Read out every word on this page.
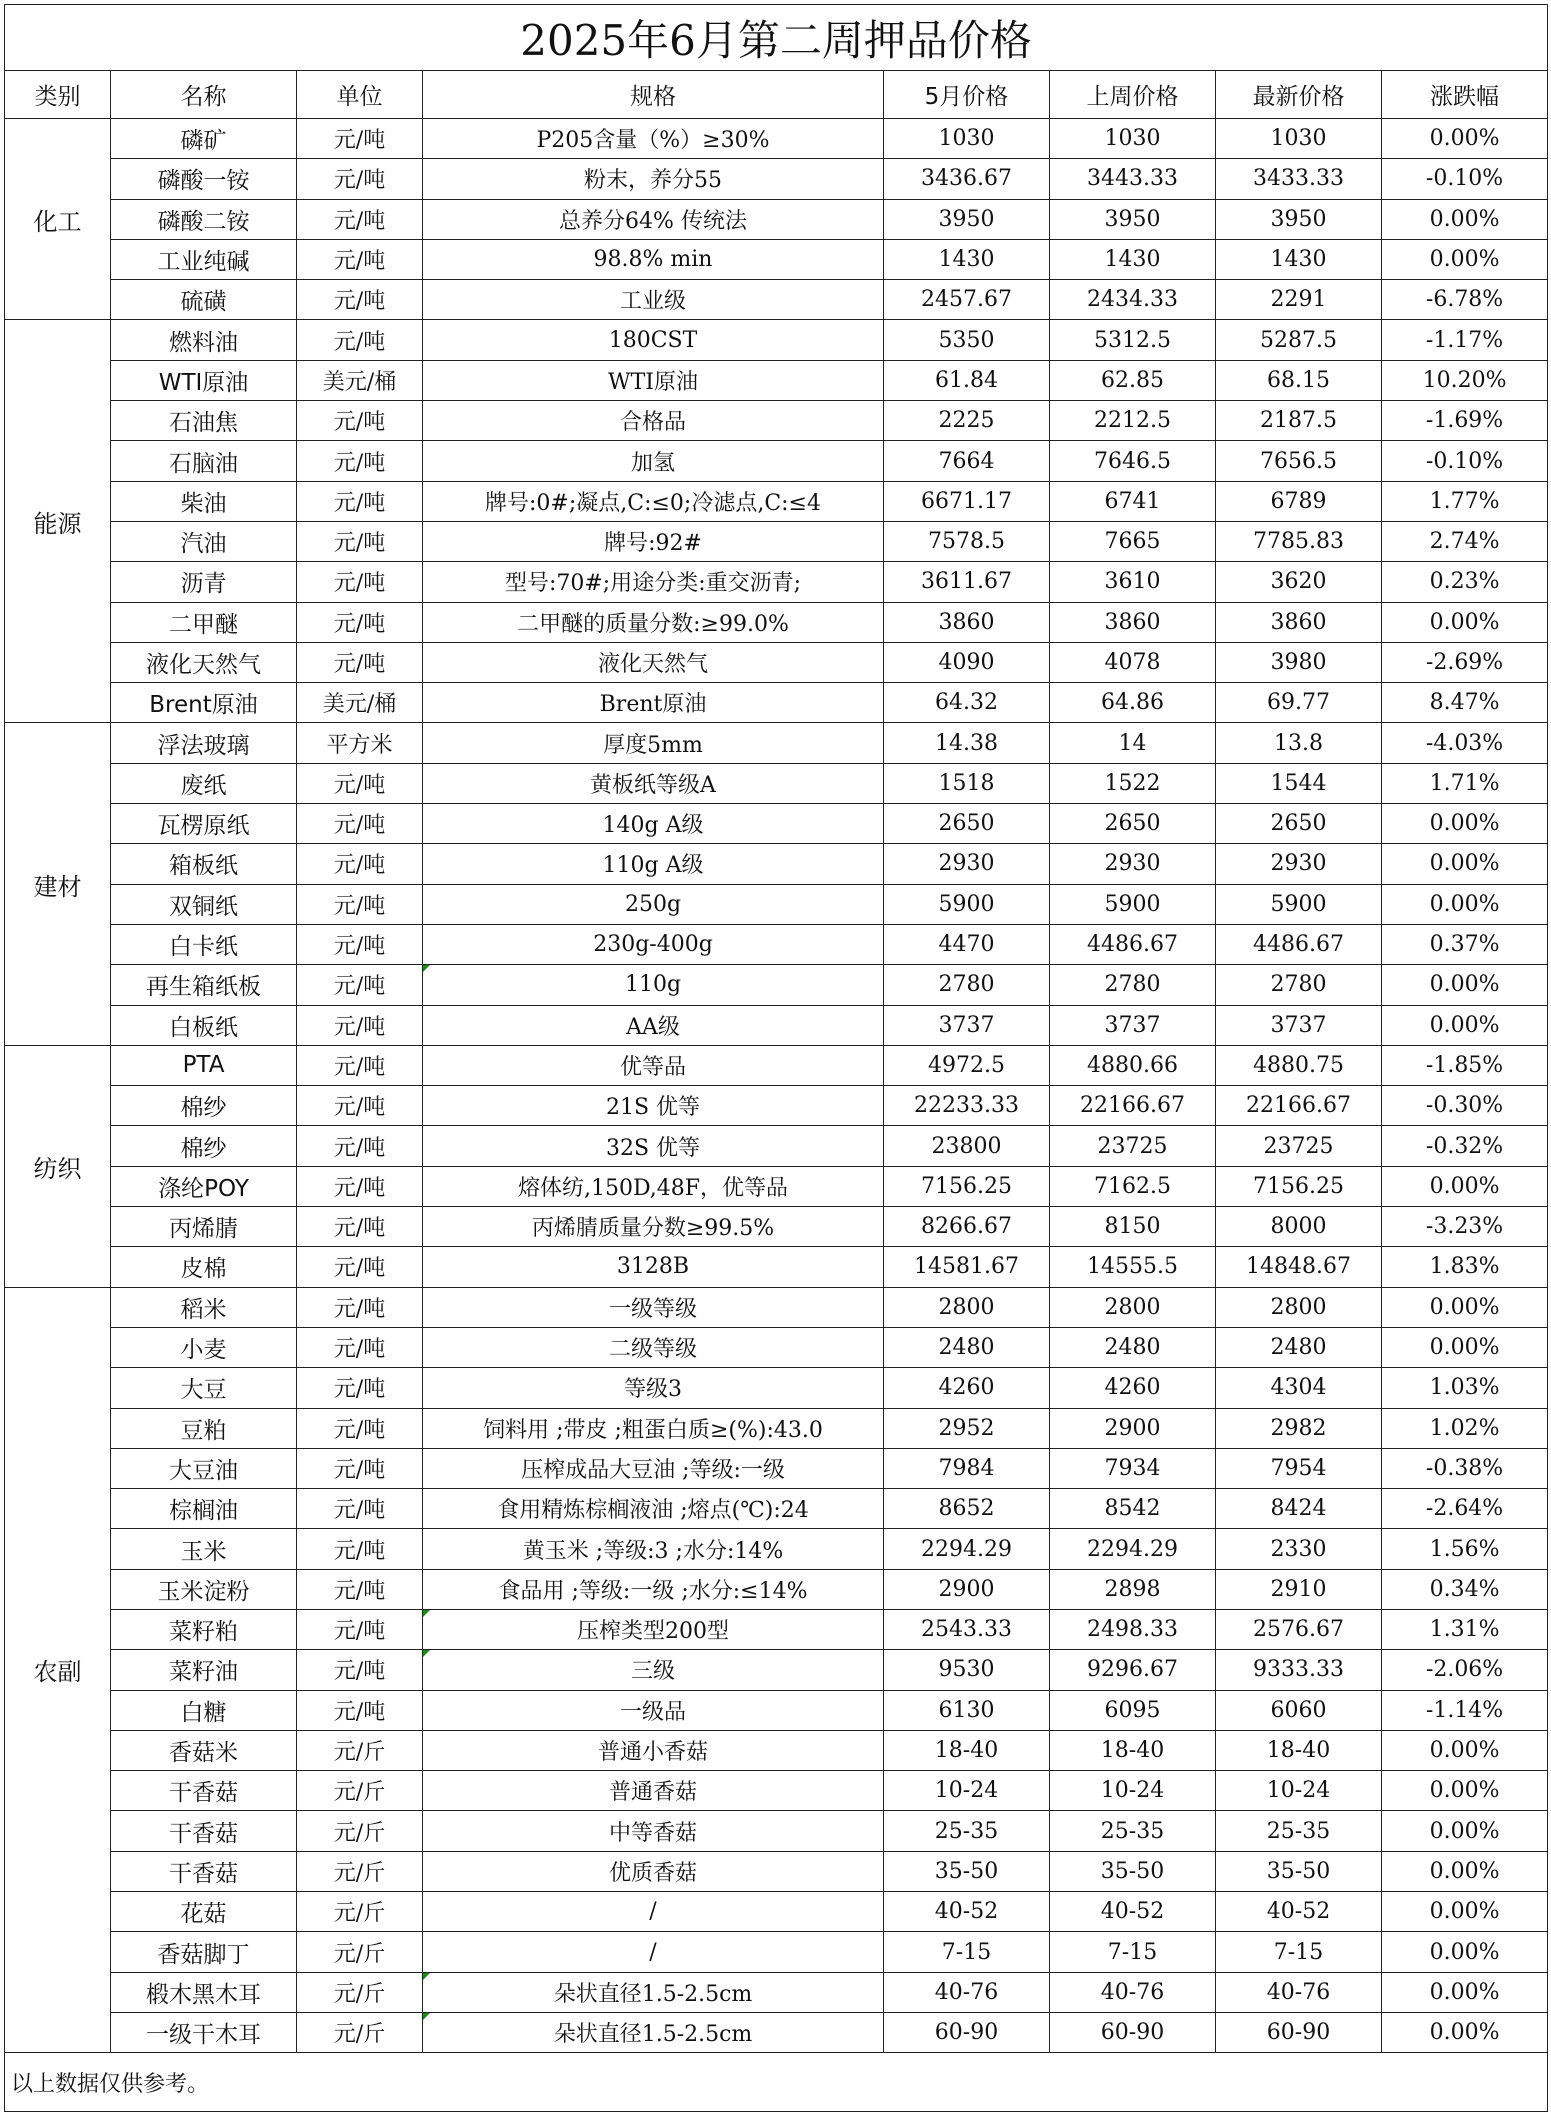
2025年6月第二周押品价格							
类别	名称	单位	规格	5月价格	上周价格	最新价格	涨跌幅
化工	磷矿	元/吨	P205含量（%）≥30%	1030	1030	1030	0.00%
	磷酸一铵	元/吨	粉末，养分55	3436.67	3443.33	3433.33	-0.10%
	磷酸二铵	元/吨	总养分64% 传统法	3950	3950	3950	0.00%
	工业纯碱	元/吨	98.8% min	1430	1430	1430	0.00%
	硫磺	元/吨	工业级	2457.67	2434.33	2291	-6.78%
能源	燃料油	元/吨	180CST	5350	5312.5	5287.5	-1.17%
	WTI原油	美元/桶	WTI原油	61.84	62.85	68.15	10.20%
	石油焦	元/吨	合格品	2225	2212.5	2187.5	-1.69%
	石脑油	元/吨	加氢	7664	7646.5	7656.5	-0.10%
	柴油	元/吨	牌号:0#;凝点,C:≤0;冷滤点,C:≤4	6671.17	6741	6789	1.77%
	汽油	元/吨	牌号:92#	7578.5	7665	7785.83	2.74%
	沥青	元/吨	型号:70#;用途分类:重交沥青;	3611.67	3610	3620	0.23%
	二甲醚	元/吨	二甲醚的质量分数:≥99.0%	3860	3860	3860	0.00%
	液化天然气	元/吨	液化天然气	4090	4078	3980	-2.69%
	Brent原油	美元/桶	Brent原油	64.32	64.86	69.77	8.47%
建材	浮法玻璃	平方米	厚度5mm	14.38	14	13.8	-4.03%
	废纸	元/吨	黄板纸等级A	1518	1522	1544	1.71%
	瓦楞原纸	元/吨	140g A级	2650	2650	2650	0.00%
	箱板纸	元/吨	110g A级	2930	2930	2930	0.00%
	双铜纸	元/吨	250g	5900	5900	5900	0.00%
	白卡纸	元/吨	230g-400g	4470	4486.67	4486.67	0.37%
	再生箱纸板	元/吨	110g	2780	2780	2780	0.00%
	白板纸	元/吨	AA级	3737	3737	3737	0.00%
纺织	PTA	元/吨	优等品	4972.5	4880.66	4880.75	-1.85%
	棉纱	元/吨	21S 优等	22233.33	22166.67	22166.67	-0.30%
	棉纱	元/吨	32S 优等	23800	23725	23725	-0.32%
	涤纶POY	元/吨	熔体纺,150D,48F，优等品	7156.25	7162.5	7156.25	0.00%
	丙烯腈	元/吨	丙烯腈质量分数≥99.5%	8266.67	8150	8000	-3.23%
	皮棉	元/吨	3128B	14581.67	14555.5	14848.67	1.83%
农副	稻米	元/吨	一级等级	2800	2800	2800	0.00%
	小麦	元/吨	二级等级	2480	2480	2480	0.00%
	大豆	元/吨	等级3	4260	4260	4304	1.03%
	豆粕	元/吨	饲料用 ;带皮 ;粗蛋白质≥(%):43.0	2952	2900	2982	1.02%
	大豆油	元/吨	压榨成品大豆油 ;等级:一级	7984	7934	7954	-0.38%
	棕榈油	元/吨	食用精炼棕榈液油 ;熔点(℃):24	8652	8542	8424	-2.64%
	玉米	元/吨	黄玉米 ;等级:3 ;水分:14%	2294.29	2294.29	2330	1.56%
	玉米淀粉	元/吨	食品用 ;等级:一级 ;水分:≤14%	2900	2898	2910	0.34%
	菜籽粕	元/吨	压榨类型200型	2543.33	2498.33	2576.67	1.31%
	菜籽油	元/吨	三级	9530	9296.67	9333.33	-2.06%
	白糖	元/吨	一级品	6130	6095	6060	-1.14%
	香菇米	元/斤	普通小香菇	18-40	18-40	18-40	0.00%
	干香菇	元/斤	普通香菇	10-24	10-24	10-24	0.00%
	干香菇	元/斤	中等香菇	25-35	25-35	25-35	0.00%
	干香菇	元/斤	优质香菇	35-50	35-50	35-50	0.00%
	花菇	元/斤	/	40-52	40-52	40-52	0.00%
	香菇脚丁	元/斤	/	7-15	7-15	7-15	0.00%
	椴木黑木耳	元/斤	朵状直径1.5-2.5cm	40-76	40-76	40-76	0.00%
	一级干木耳	元/斤	朵状直径1.5-2.5cm	60-90	60-90	60-90	0.00%
以上数据仅供参考。							
